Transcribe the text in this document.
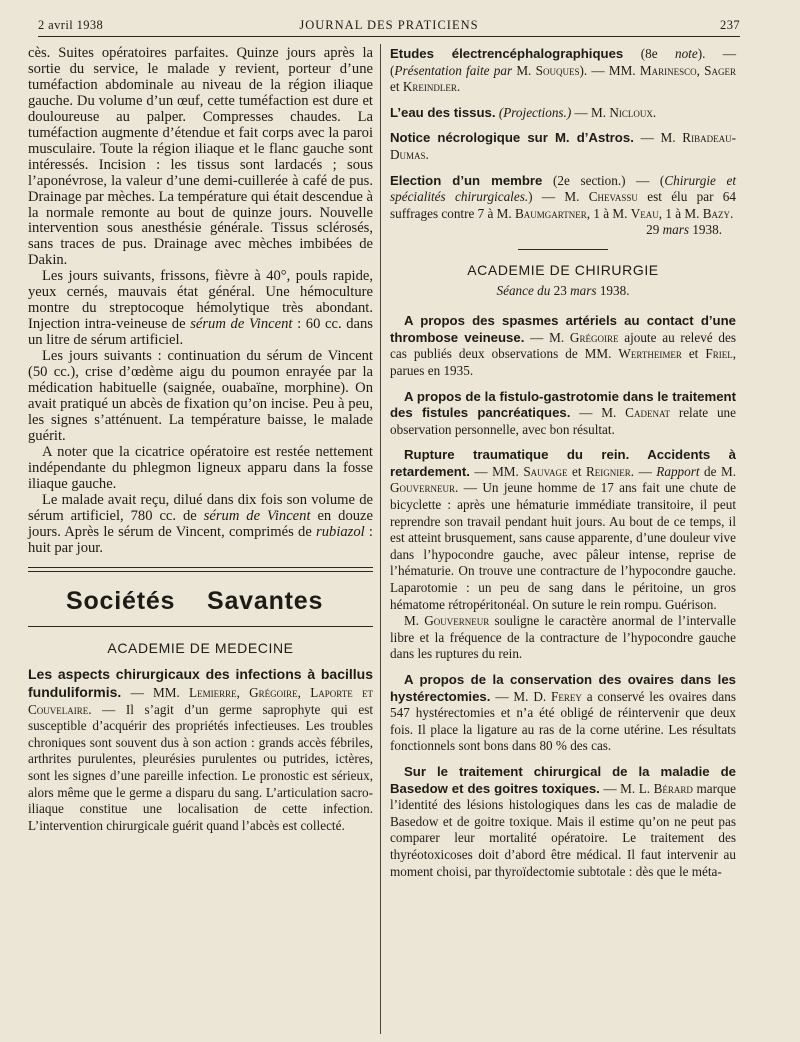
2 avril 1938	JOURNAL DES PRATICIENS	237

cès. Suites opératoires parfaites. Quinze jours après la sortie du service, le malade y revient, porteur d’une tuméfaction abdominale au niveau de la région iliaque gauche. Du volume d’un œuf, cette tuméfaction est dure et douloureuse au palper. Compresses chaudes. La tuméfaction augmente d’étendue et fait corps avec la paroi musculaire. Toute la région iliaque et le flanc gauche sont intéressés. Incision : les tissus sont lardacés ; sous l’aponévrose, la valeur d’une demi-cuillerée à café de pus. Drainage par mèches. La température qui était descendue à la normale remonte au bout de quinze jours. Nouvelle intervention sous anesthésie générale. Tissus sclérosés, sans traces de pus. Drainage avec mèches imbibées de Dakin.

Les jours suivants, frissons, fièvre à 40°, pouls rapide, yeux cernés, mauvais état général. Une hémoculture montre du streptocoque hémolytique très abondant. Injection intra-veineuse de sérum de Vincent : 60 cc. dans un litre de sérum artificiel.

Les jours suivants : continuation du sérum de Vincent (50 cc.), crise d’œdème aigu du poumon enrayée par la médication habituelle (saignée, ouabaïne, morphine). On avait pratiqué un abcès de fixation qu’on incise. Peu à peu, les signes s’atténuent. La température baisse, le malade guérit.

A noter que la cicatrice opératoire est restée nettement indépendante du phlegmon ligneux apparu dans la fosse iliaque gauche.

Le malade avait reçu, dilué dans dix fois son volume de sérum artificiel, 780 cc. de sérum de Vincent en douze jours. Après le sérum de Vincent, comprimés de rubiazol : huit par jour.

Sociétés Savantes

ACADEMIE DE MEDECINE

Les aspects chirurgicaux des infections à bacillus funduliformis. — MM. Lemierre, Grégoire, Laporte et Couvelaire. — Il s’agit d’un germe saprophyte qui est susceptible d’acquérir des propriétés infectieuses. Les troubles chroniques sont souvent dus à son action : grands accès fébriles, arthrites purulentes, pleurésies purulentes ou putrides, ictères, sont les signes d’une pareille infection. Le pronostic est sérieux, alors même que le germe a disparu du sang. L’articulation sacro-iliaque constitue une localisation de cette infection. L’intervention chirurgicale guérit quand l’abcès est collecté.

Etudes électrencéphalographiques (8e note). — (Présentation faite par M. Souques). — MM. Marinesco, Sager et Kreindler.

L’eau des tissus. (Projections.) — M. Nicloux.

Notice nécrologique sur M. d’Astros. — M. Ribadeau-Dumas.

Election d’un membre (2e section.) — (Chirurgie et spécialités chirurgicales.) — M. Chevassu est élu par 64 suffrages contre 7 à M. Baumgartner, 1 à M. Veau, 1 à M. Bazy.

29 mars 1938.

ACADEMIE DE CHIRURGIE

Séance du 23 mars 1938.

A propos des spasmes artériels au contact d’une thrombose veineuse. — M. Grégoire ajoute au relevé des cas publiés deux observations de MM. Wertheimer et Friel, parues en 1935.

A propos de la fistulo-gastrotomie dans le traitement des fistules pancréatiques. — M. Cadenat relate une observation personnelle, avec bon résultat.

Rupture traumatique du rein. Accidents à retardement. — MM. Sauvage et Reignier. — Rapport de M. Gouverneur. — Un jeune homme de 17 ans fait une chute de bicyclette : après une hématurie immédiate transitoire, il peut reprendre son travail pendant huit jours. Au bout de ce temps, il est atteint brusquement, sans cause apparente, d’une douleur vive dans l’hypocondre gauche, avec pâleur intense, reprise de l’hématurie. On trouve une contracture de l’hypocondre gauche. Laparotomie : un peu de sang dans le péritoine, un gros hématome rétropéritonéal. On suture le rein rompu. Guérison.

M. Gouverneur souligne le caractère anormal de l’intervalle libre et la fréquence de la contracture de l’hypocondre gauche dans les ruptures du rein.

A propos de la conservation des ovaires dans les hystérectomies. — M. D. Ferey a conservé les ovaires dans 547 hystérectomies et n’a été obligé de réintervenir que deux fois. Il place la ligature au ras de la corne utérine. Les résultats fonctionnels sont bons dans 80 % des cas.

Sur le traitement chirurgical de la maladie de Basedow et des goitres toxiques. — M. L. Bérard marque l’identité des lésions histologiques dans les cas de maladie de Basedow et de goitre toxique. Mais il estime qu’on ne peut pas comparer leur mortalité opératoire. Le traitement des thyréotoxicoses doit d’abord être médical. Il faut intervenir au moment choisi, par thyroïdectomie subtotale : dès que le méta-
